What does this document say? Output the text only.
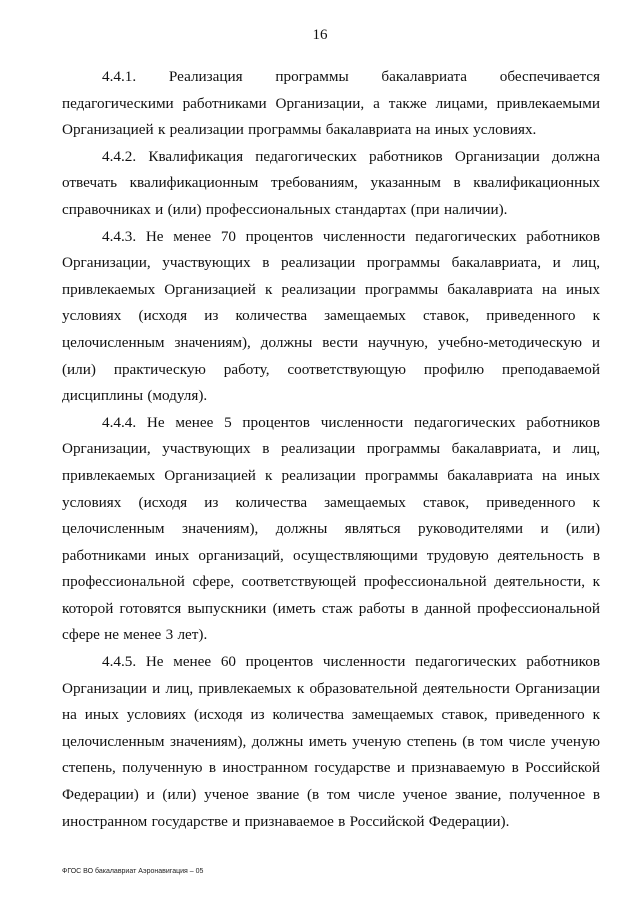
16

4.4.1. Реализация программы бакалавриата обеспечивается педагогическими работниками Организации, а также лицами, привлекаемыми Организацией к реализации программы бакалавриата на иных условиях.

4.4.2. Квалификация педагогических работников Организации должна отвечать квалификационным требованиям, указанным в квалификационных справочниках и (или) профессиональных стандартах (при наличии).

4.4.3. Не менее 70 процентов численности педагогических работников Организации, участвующих в реализации программы бакалавриата, и лиц, привлекаемых Организацией к реализации программы бакалавриата на иных условиях (исходя из количества замещаемых ставок, приведенного к целочисленным значениям), должны вести научную, учебно-методическую и (или) практическую работу, соответствующую профилю преподаваемой дисциплины (модуля).

4.4.4. Не менее 5 процентов численности педагогических работников Организации, участвующих в реализации программы бакалавриата, и лиц, привлекаемых Организацией к реализации программы бакалавриата на иных условиях (исходя из количества замещаемых ставок, приведенного к целочисленным значениям), должны являться руководителями и (или) работниками иных организаций, осуществляющими трудовую деятельность в профессиональной сфере, соответствующей профессиональной деятельности, к которой готовятся выпускники (иметь стаж работы в данной профессиональной сфере не менее 3 лет).

4.4.5. Не менее 60 процентов численности педагогических работников Организации и лиц, привлекаемых к образовательной деятельности Организации на иных условиях (исходя из количества замещаемых ставок, приведенного к целочисленным значениям), должны иметь ученую степень (в том числе ученую степень, полученную в иностранном государстве и признаваемую в Российской Федерации) и (или) ученое звание (в том числе ученое звание, полученное в иностранном государстве и признаваемое в Российской Федерации).

ФГОС ВО бакалавриат Аэронавигация – 05
